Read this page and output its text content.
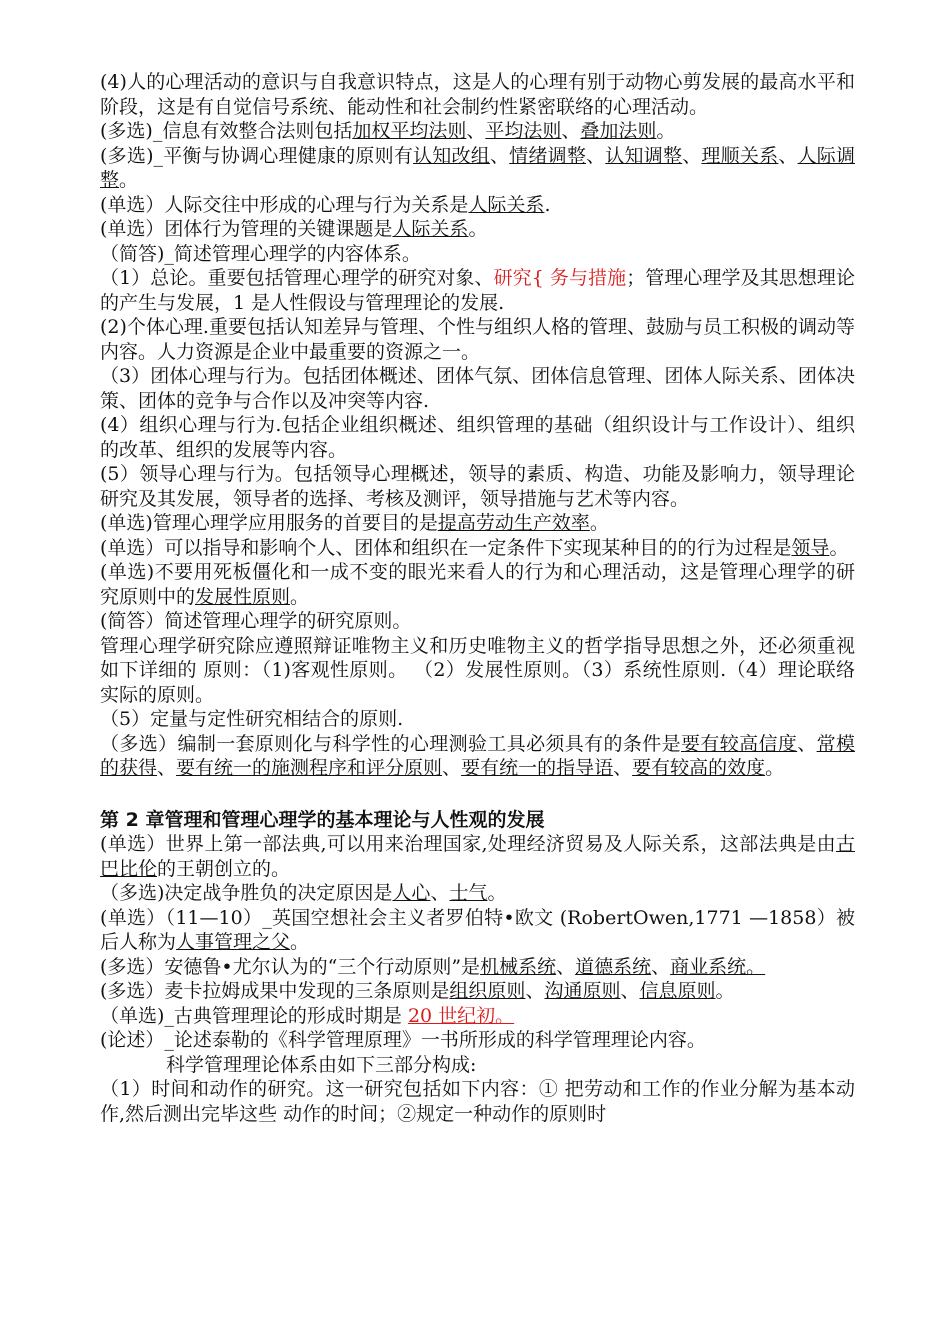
(4)人的心理活动的意识与自我意识特点，这是人的心理有别于动物心剪发展的最高水平和阶段，这是有自觉信号系统、能动性和社会制约性紧密联络的心理活动。

(多选)_信息有效整合法则包括加权平均法则、平均法则、叠加法则。

(多选)_平衡与协调心理健康的原则有认知改组、情绪调整、认知调整、理顺关系、人际调整。

(单选）人际交往中形成的心理与行为关系是人际关系.

(单选）团体行为管理的关键课题是人际关系。

（简答)_简述管理心理学的内容体系。

（1）总论。重要包括管理心理学的研究对象、研究{ 务与措施；管理心理学及其思想理论的产生与发展，1 是人性假设与管理理论的发展.

(2)个体心理.重要包括认知差异与管理、个性与组织人格的管理、鼓励与员工积极的调动等内容。人力资源是企业中最重要的资源之一。

（3）团体心理与行为。包括团体概述、团体气氛、团体信息管理、团体人际关系、团体决策、团体的竞争与合作以及冲突等内容.

(4）组织心理与行为.包括企业组织概述、组织管理的基础（组织设计与工作设计）、组织的改革、组织的发展等内容。

(5）领导心理与行为。包括领导心理概述，领导的素质、构造、功能及影响力，领导理论研究及其发展，领导者的选择、考核及测评，领导措施与艺术等内容。

(单选)管理心理学应用服务的首要目的是提高劳动生产效率。

(单选）可以指导和影响个人、团体和组织在一定条件下实现某种目的的行为过程是领导。

(单选)不要用死板僵化和一成不变的眼光来看人的行为和心理活动，这是管理心理学的研究原则中的发展性原则。

(简答）简述管理心理学的研究原则。

管理心理学研究除应遵照辩证唯物主义和历史唯物主义的哲学指导思想之外，还必须重视如下详细的 原则：（1)客观性原则。 （2）发展性原则。（3）系统性原则.（4）理论联络实际的原则。

（5）定量与定性研究相结合的原则.

（多选）编制一套原则化与科学性的心理测验工具必须具有的条件是要有较高信度、常模的获得、要有统一的施测程序和评分原则、要有统一的指导语、要有较高的效度。

第 2 章管理和管理心理学的基本理论与人性观的发展

(单选）世界上第一部法典,可以用来治理国家,处理经济贸易及人际关系，这部法典是由古巴比伦的王朝创立的。

（多选)决定战争胜负的决定原因是人心、士气。

(单选）（11—10）_英国空想社会主义者罗伯特•欧文 (RobertOwen,1771 —1858）被后人称为人事管理之父。

(多选）安德鲁•尤尔认为的“三个行动原则”是机械系统、道德系统、商业系统。

(多选）麦卡拉姆成果中发现的三条原则是组织原则、沟通原则、信息原则。

（单选)_古典管理理论的形成时期是 20 世纪初。

(论述）_论述泰勒的《科学管理原理》一书所形成的科学管理理论内容。

科学管理理论体系由如下三部分构成:

（1）时间和动作的研究。这一研究包括如下内容：① 把劳动和工作的作业分解为基本动作,然后测出完毕这些 动作的时间；②规定一种动作的原则时
